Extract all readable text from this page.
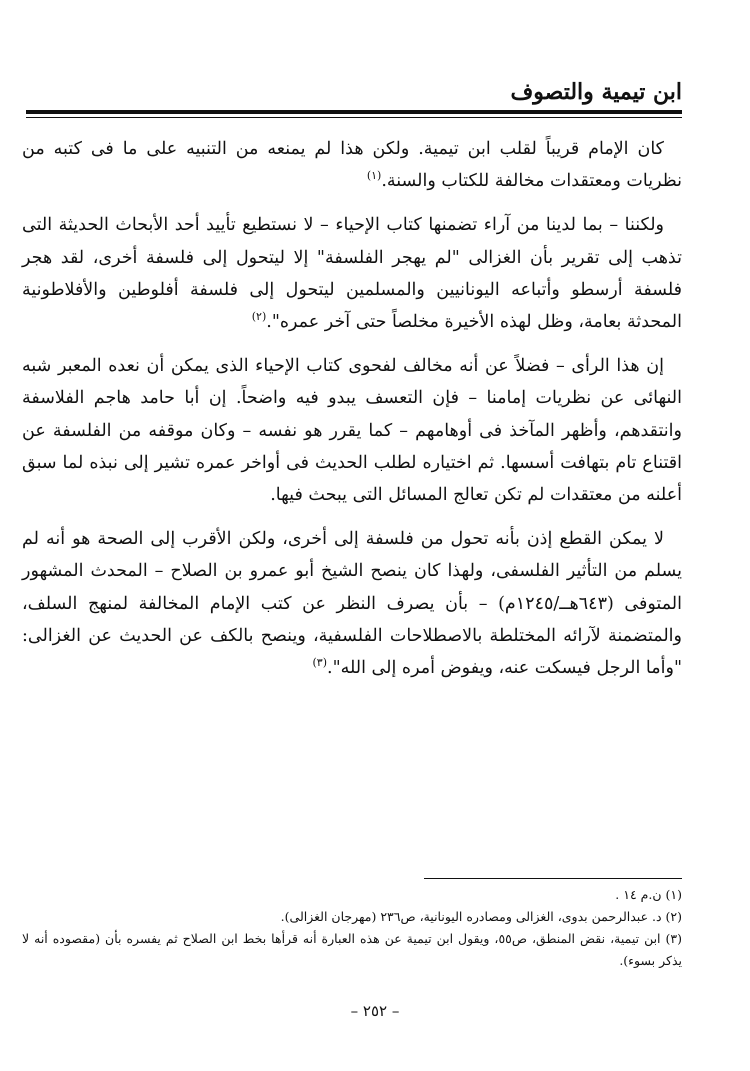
ابن تيمية والتصوف

كان الإمام قريباً لقلب ابن تيمية. ولكن هذا لم يمنعه من التنبيه على ما فى كتبه من نظريات ومعتقدات مخالفة للكتاب والسنة.$^{(١)}$

ولكننا – بما لدينا من آراء تضمنها كتاب الإحياء – لا نستطيع تأييد أحد الأبحاث الحديثة التى تذهب إلى تقرير بأن الغزالى "لم يهجر الفلسفة" إلا ليتحول إلى فلسفة أخرى، لقد هجر فلسفة أرسطو وأتباعه اليونانيين والمسلمين ليتحول إلى فلسفة أفلوطين والأفلاطونية المحدثة بعامة، وظل لهذه الأخيرة مخلصاً حتى آخر عمره".$^{(٢)}$

إن هذا الرأى – فضلاً عن أنه مخالف لفحوى كتاب الإحياء الذى يمكن أن نعده المعبر شبه النهائى عن نظريات إمامنا – فإن التعسف يبدو فيه واضحاً. إن أبا حامد هاجم الفلاسفة وانتقدهم، وأظهر المآخذ فى أوهامهم – كما يقرر هو نفسه – وكان موقفه من الفلسفة عن اقتناع تام بتهافت أسسها. ثم اختياره لطلب الحديث فى أواخر عمره تشير إلى نبذه لما سبق أعلنه من معتقدات لم تكن تعالج المسائل التى يبحث فيها.

لا يمكن القطع إذن بأنه تحول من فلسفة إلى أخرى، ولكن الأقرب إلى الصحة هو أنه لم يسلم من التأثير الفلسفى، ولهذا كان ينصح الشيخ أبو عمرو بن الصلاح – المحدث المشهور المتوفى (٦٤٣هــ/١٢٤٥م) – بأن يصرف النظر عن كتب الإمام المخالفة لمنهج السلف، والمتضمنة لآرائه المختلطة بالاصطلاحات الفلسفية، وينصح بالكف عن الحديث عن الغزالى: "وأما الرجل فيسكت عنه، ويفوض أمره إلى الله".$^{(٣)}$

(١) ن.م ١٤ .

(٢) د. عبدالرحمن بدوى، الغزالى ومصادره اليونانية، ص٢٣٦ (مهرجان الغزالى).

(٣) ابن تيمية، نقض المنطق، ص٥٥، ويقول ابن تيمية عن هذه العبارة أنه قرأها بخط ابن الصلاح ثم يفسره بأن (مقصوده أنه لا يذكر بسوء).

– ٢٥٢ –
